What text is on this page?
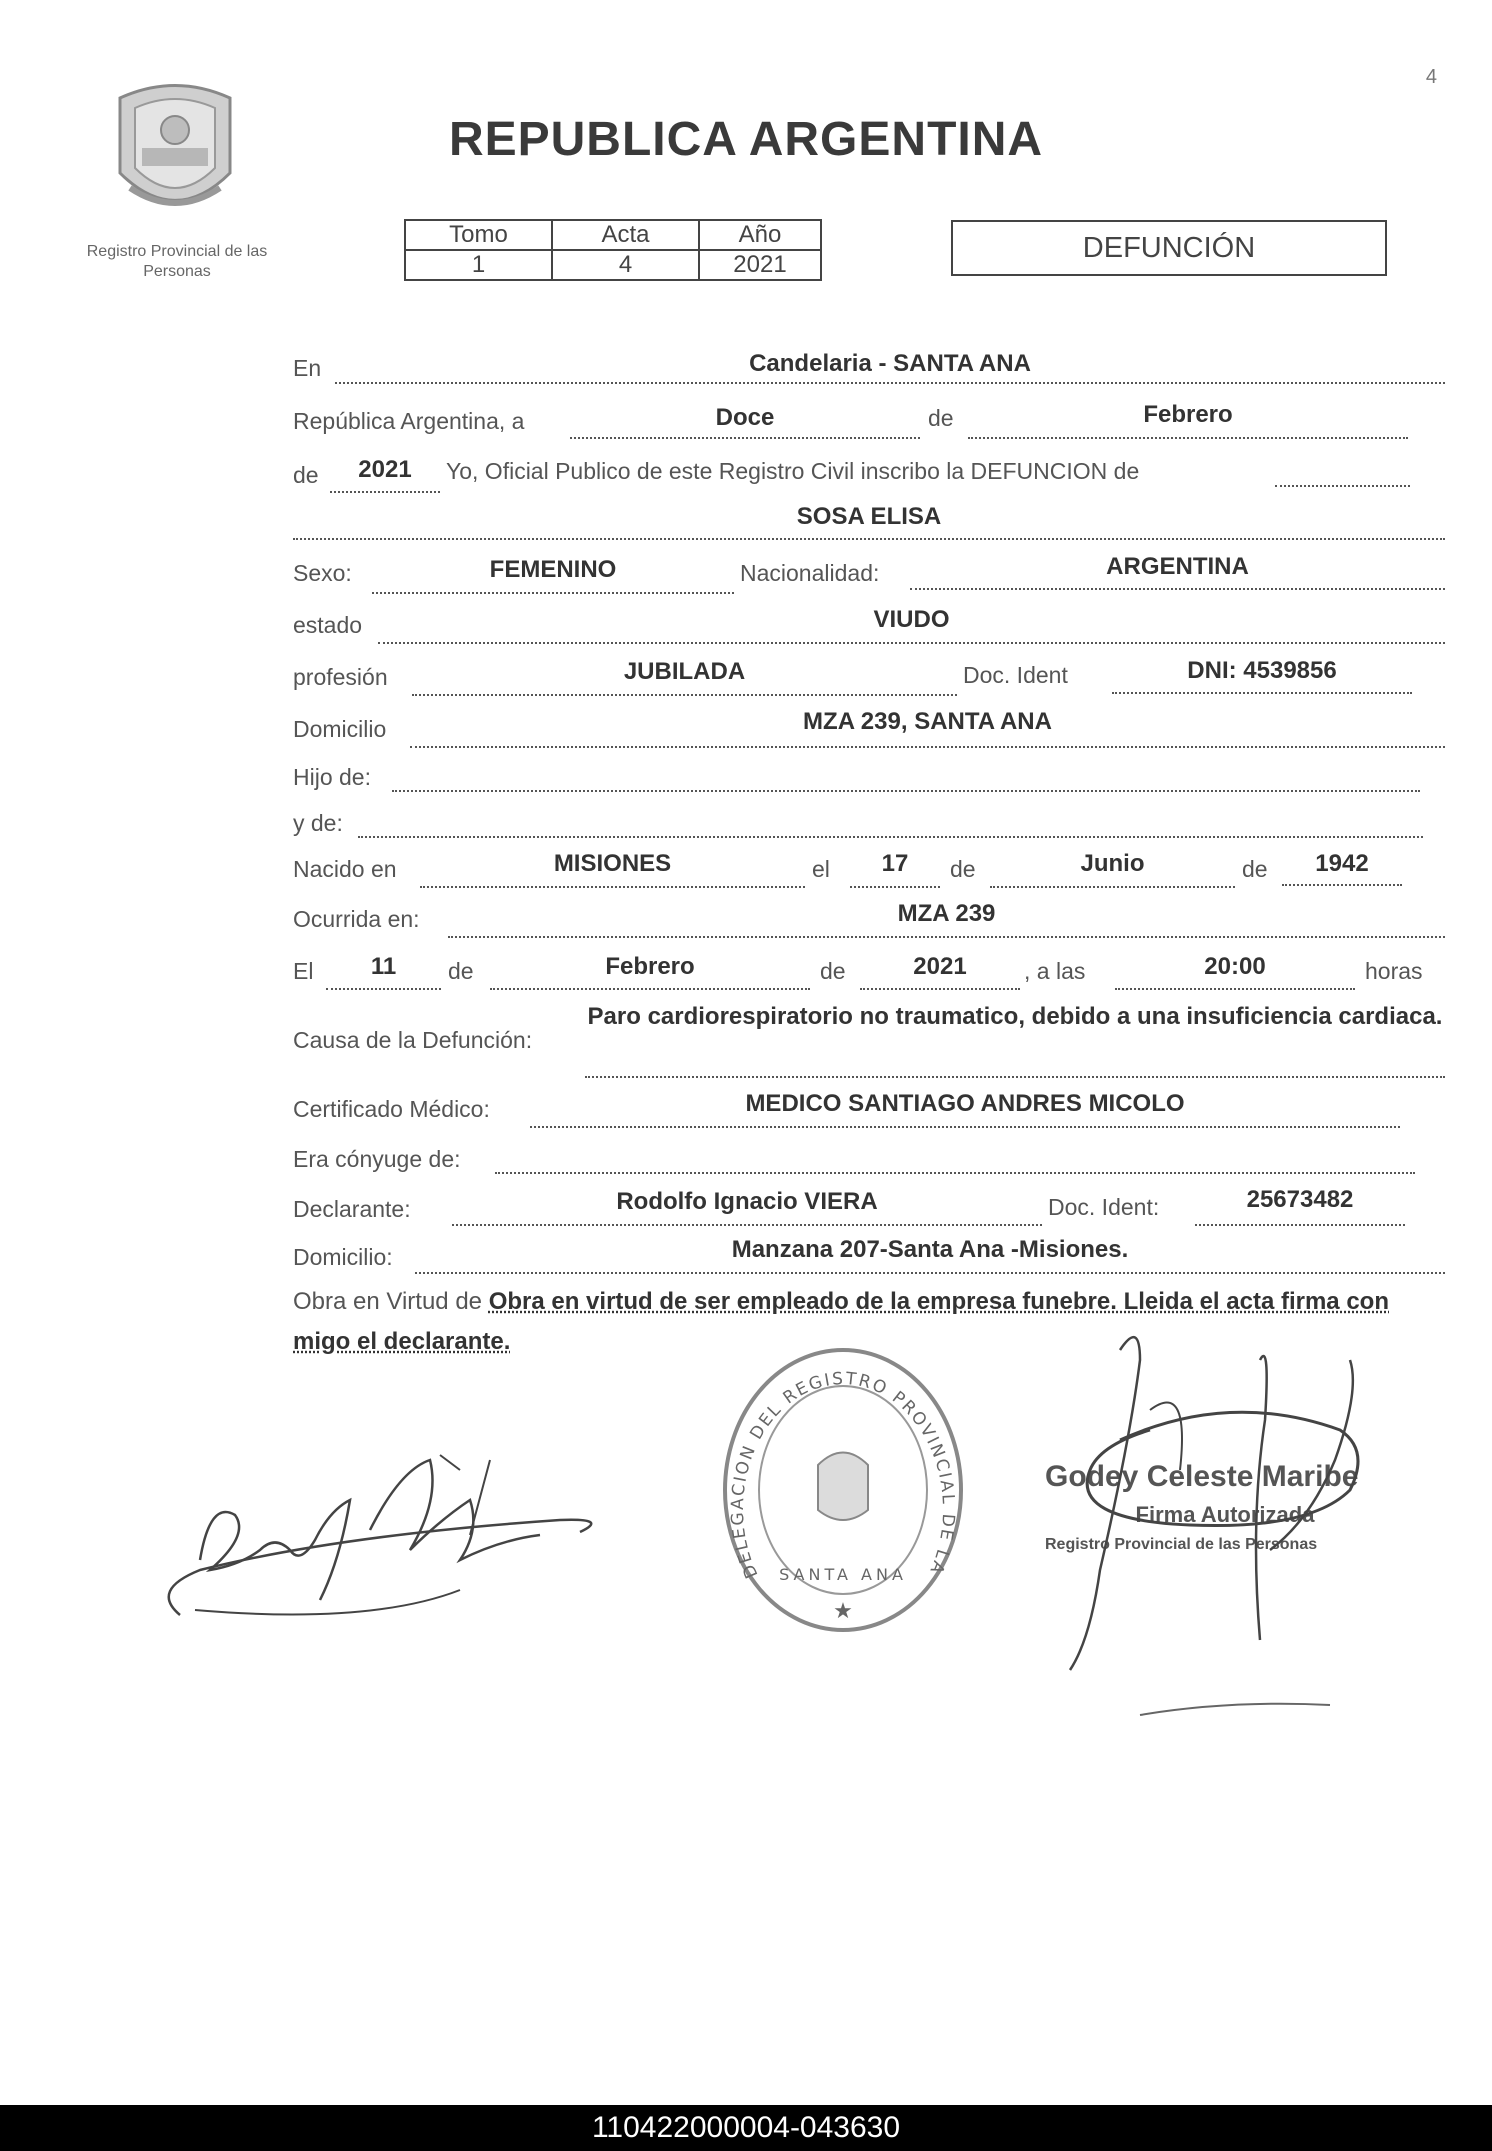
4
Registro Provincial de las Personas
REPUBLICA ARGENTINA
Tomo	Acta	Año
1	4	2021
DEFUNCIÓN
En	Candelaria - SANTA ANA
República Argentina, a	Doce	de	Febrero
de	2021	Yo, Oficial Publico de este Registro Civil inscribo la DEFUNCION de
SOSA ELISA
Sexo:	FEMENINO	Nacionalidad:	ARGENTINA
estado	VIUDO
profesión	JUBILADA	Doc. Ident	DNI: 4539856
Domicilio	MZA 239, SANTA ANA
Hijo de:
y de:
Nacido en	MISIONES	el	17	de	Junio	de	1942
Ocurrida en:	MZA 239
El	11	de	Febrero	de	2021	, a las	20:00	horas
Causa de la Defunción:
Paro cardiorespiratorio no traumatico, debido a una insuficiencia cardiaca.
Certificado Médico:	MEDICO SANTIAGO ANDRES MICOLO
Era cónyuge de:
Declarante:	Rodolfo Ignacio VIERA	Doc. Ident:	25673482
Domicilio:	Manzana 207-Santa Ana -Misiones.
Obra en Virtud de Obra en virtud de ser empleado de la empresa funebre. Lleida el acta firma con migo el declarante.
DELEGACION DEL REGISTRO PROVINCIAL DE LAS PERSONAS
SANTA ANA
★
Godey Celeste Maribe
Firma Autorizada
Registro Provincial de las Personas
110422000004-043630
